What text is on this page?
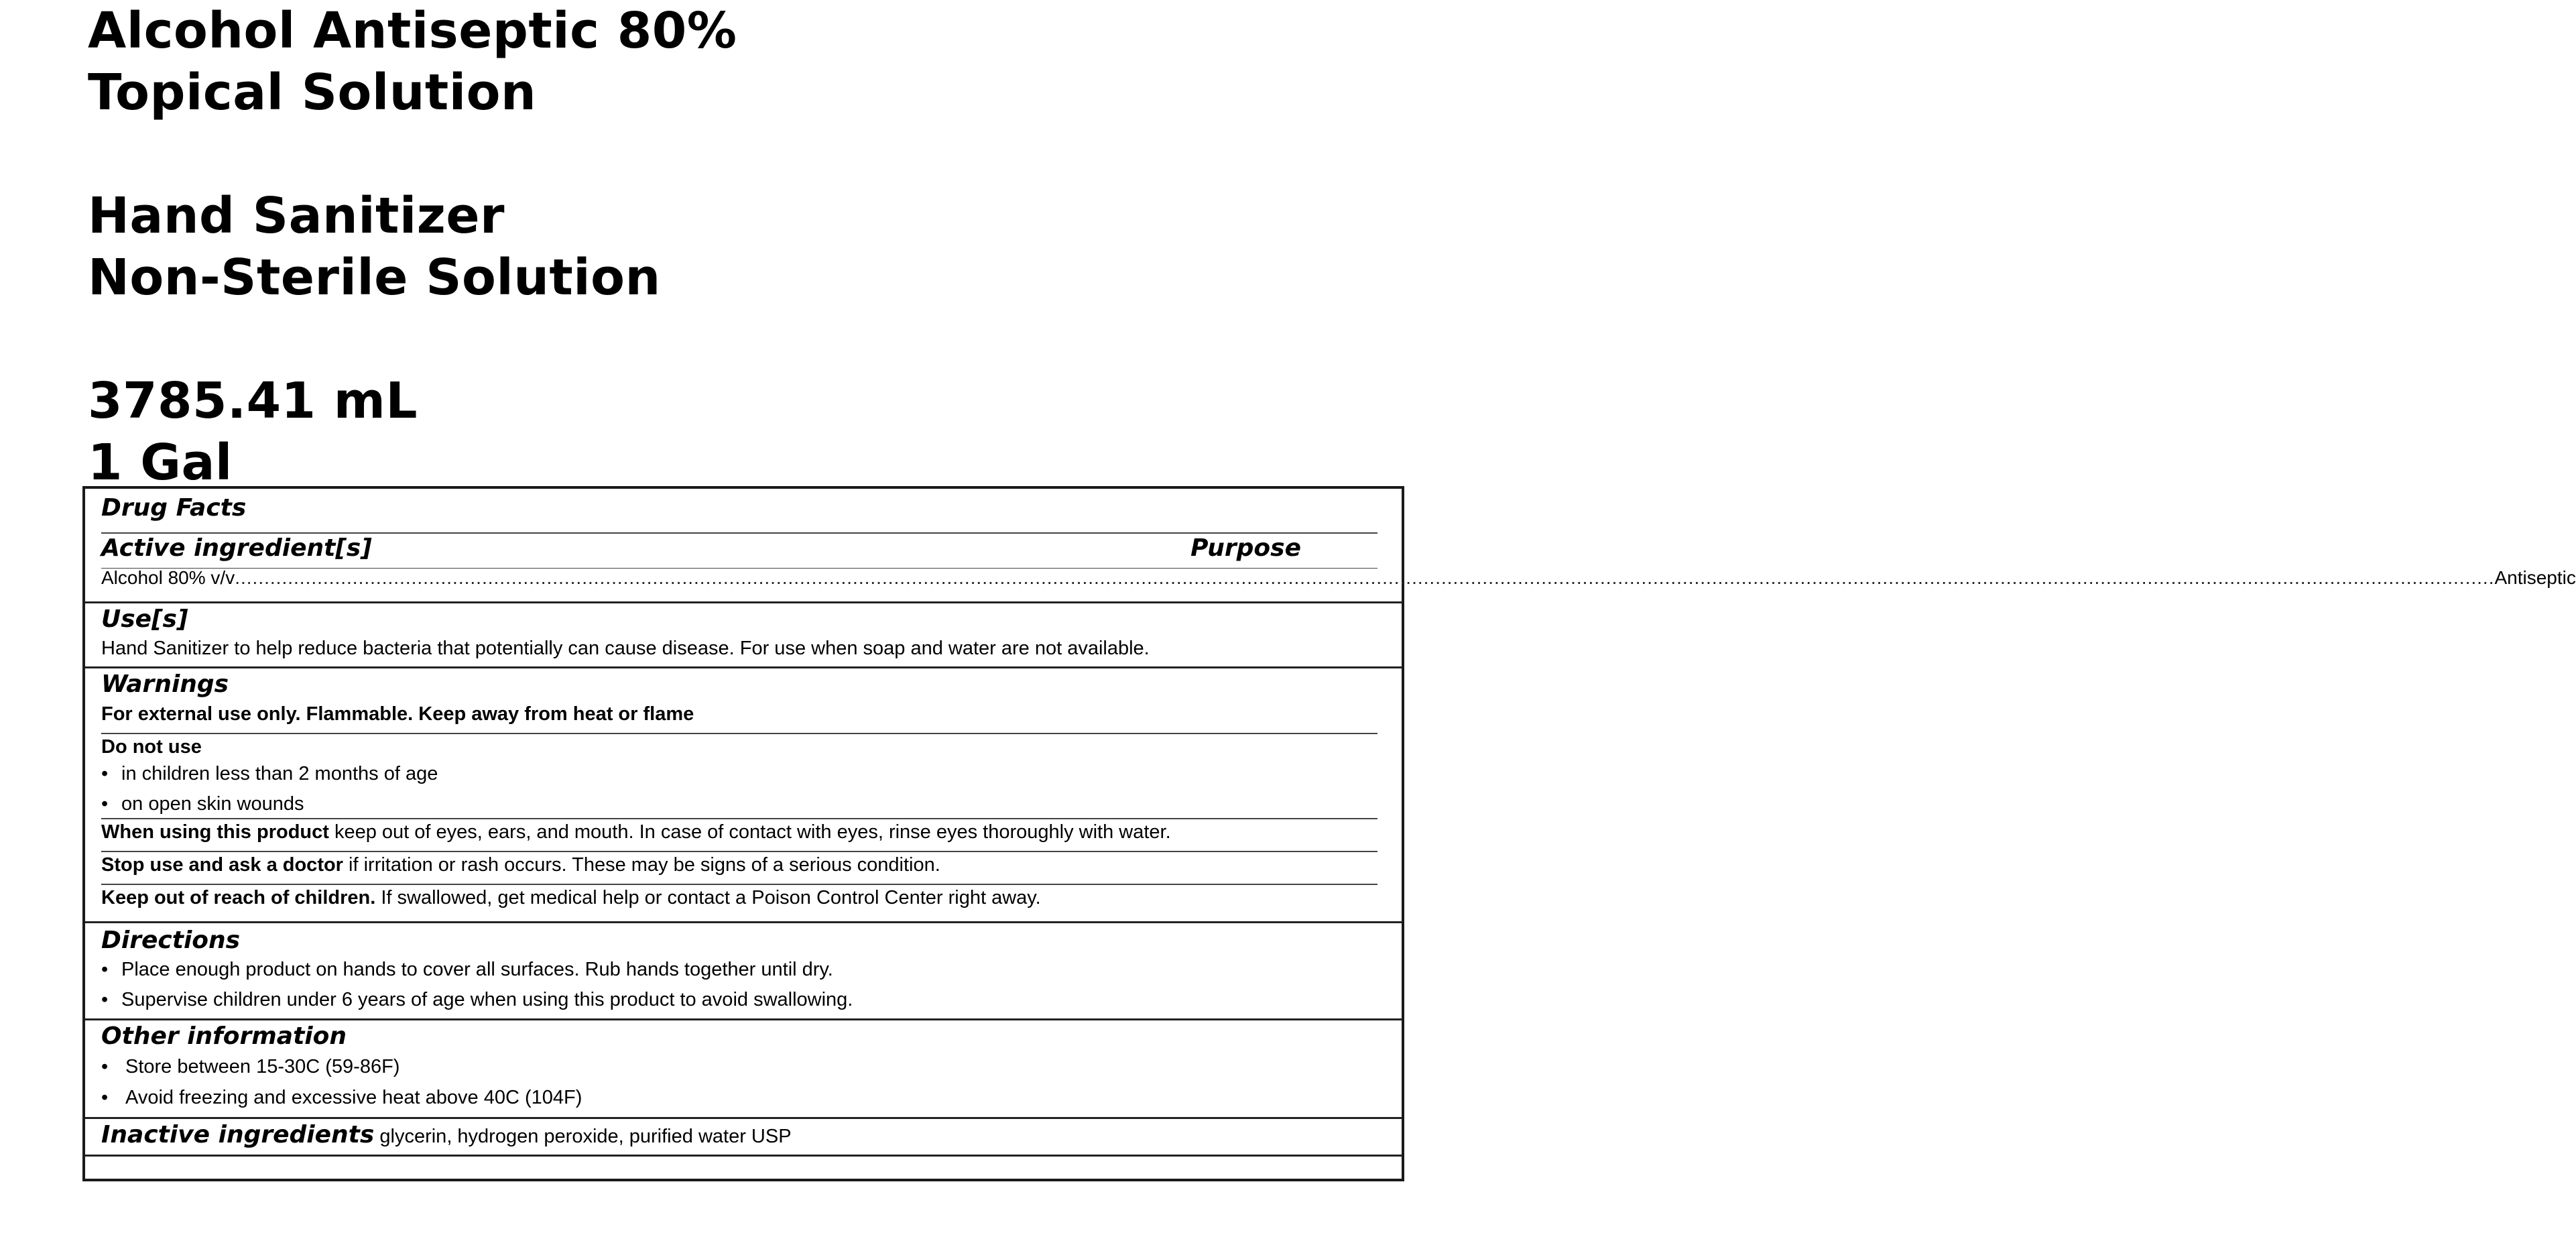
Alcohol Antiseptic 80%
Topical Solution
Hand Sanitizer
Non-Sterile Solution
3785.41 mL
1 Gal
Drug Facts
Active ingredient[s]	Purpose
Alcohol 80% v/v ................................................................................................................................................................................................................................................................................................................................................................................................ Antiseptic
Use[s]
Hand Sanitizer to help reduce bacteria that potentially can cause disease. For use when soap and water are not available.
Warnings
For external use only. Flammable. Keep away from heat or flame
Do not use
• in children less than 2 months of age
• on open skin wounds
When using this product keep out of eyes, ears, and mouth. In case of contact with eyes, rinse eyes thoroughly with water.
Stop use and ask a doctor if irritation or rash occurs. These may be signs of a serious condition.
Keep out of reach of children. If swallowed, get medical help or contact a Poison Control Center right away.
Directions
• Place enough product on hands to cover all surfaces. Rub hands together until dry.
• Supervise children under 6 years of age when using this product to avoid swallowing.
Other information
• Store between 15-30C (59-86F)
• Avoid freezing and excessive heat above 40C (104F)
Inactive ingredients glycerin, hydrogen peroxide, purified water USP
